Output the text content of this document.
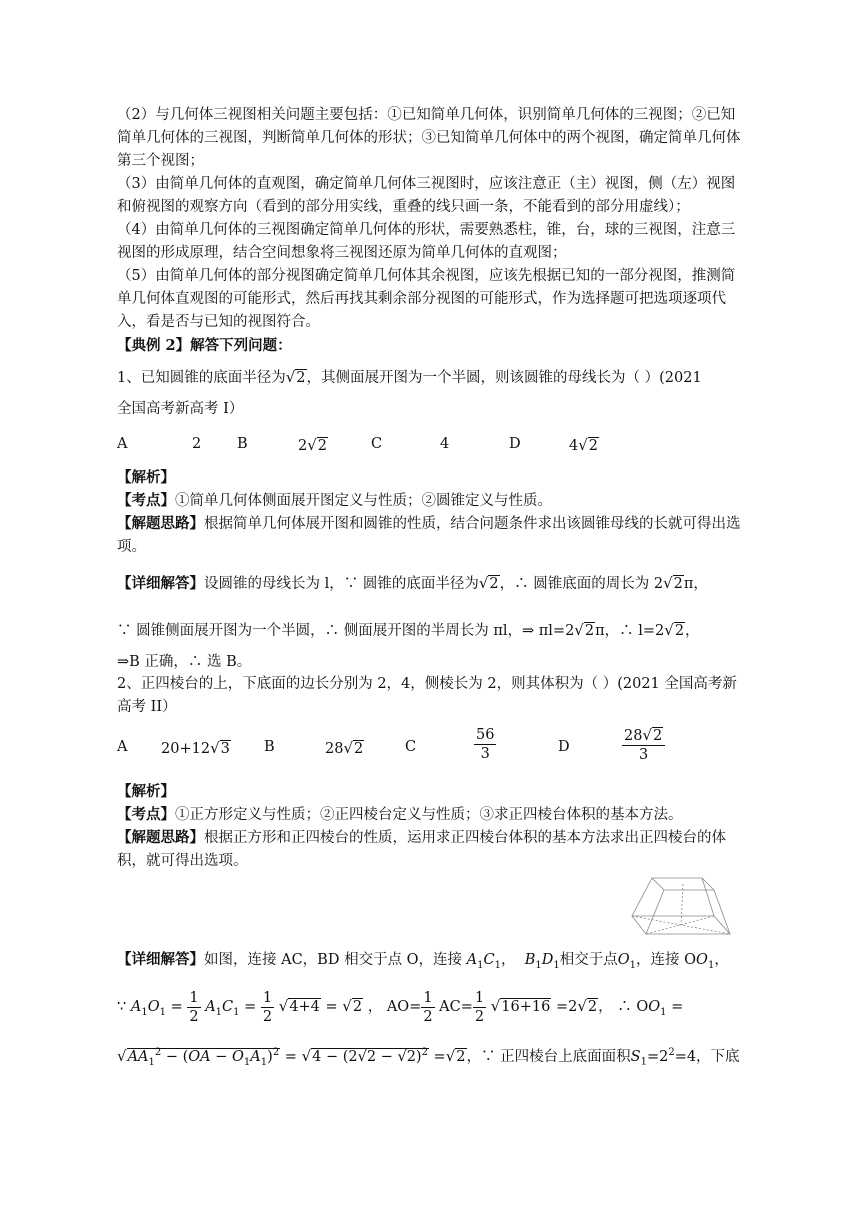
（2）与几何体三视图相关问题主要包括：①已知简单几何体，识别简单几何体的三视图；②已知简单几何体的三视图，判断简单几何体的形状；③已知简单几何体中的两个视图，确定简单几何体第三个视图；

（3）由简单几何体的直观图，确定简单几何体三视图时，应该注意正（主）视图，侧（左）视图和俯视图的观察方向（看到的部分用实线，重叠的线只画一条，不能看到的部分用虚线）；

（4）由简单几何体的三视图确定简单几何体的形状，需要熟悉柱，锥，台，球的三视图，注意三视图的形成原理，结合空间想象将三视图还原为简单几何体的直观图；

（5）由简单几何体的部分视图确定简单几何体其余视图，应该先根据已知的一部分视图，推测简单几何体直观图的可能形式，然后再找其剩余部分视图的可能形式，作为选择题可把选项逐项代入，看是否与已知的视图符合。

【典例 2】解答下列问题：

1、已知圆锥的底面半径为√2，其侧面展开图为一个半圆，则该圆锥的母线长为（ ）(2021
全国高考新高考 I）
A	2 B	2√2	C	4	D	4√2
【解析】
【考点】①简单几何体侧面展开图定义与性质；②圆锥定义与性质。
【解题思路】根据简单几何体展开图和圆锥的性质，结合问题条件求出该圆锥母线的长就可得出选项。
【详细解答】设圆锥的母线长为 l，∵ 圆锥的底面半径为√2，∴ 圆锥底面的周长为 2√2π，
∵ 圆锥侧面展开图为一个半圆，∴ 侧面展开图的半周长为 πl，⇒ πl=2√2π，∴ l=2√2，
⇒B 正确，∴ 选 B。
2、正四棱台的上，下底面的边长分别为 2，4，侧棱长为 2，则其体积为（ ）(2021 全国高考新高考 II）
A 20+12√3 B	28√2	C	$\frac{56}{3}$	D	$\frac{28√2}{3}$
【解析】
【考点】①正方形定义与性质；②正四棱台定义与性质；③求正四棱台体积的基本方法。
【解题思路】根据正方形和正四棱台的性质，运用求正四棱台体积的基本方法求出正四棱台的体积，就可得出选项。
【详细解答】如图，连接 AC，BD 相交于点 O，连接 $A_1C_1$， $B_1D_1$相交于点$O_1$，连接 $OO_1$，
∵ $A_1O_1 = \frac{1}{2} A_1C_1 = \frac{1}{2} √4+4 = √2$ ， $AO= \frac{1}{2} AC= \frac{1}{2} √16+16 =2√2$， ∴ $OO_1$ =
$√AA_1^2 - (OA - O_1A_1)^2 = √4 - (2√2 - √2)^2 =√2$，∵ 正四棱台上底面面积$S_1=2^2=4$，下底
